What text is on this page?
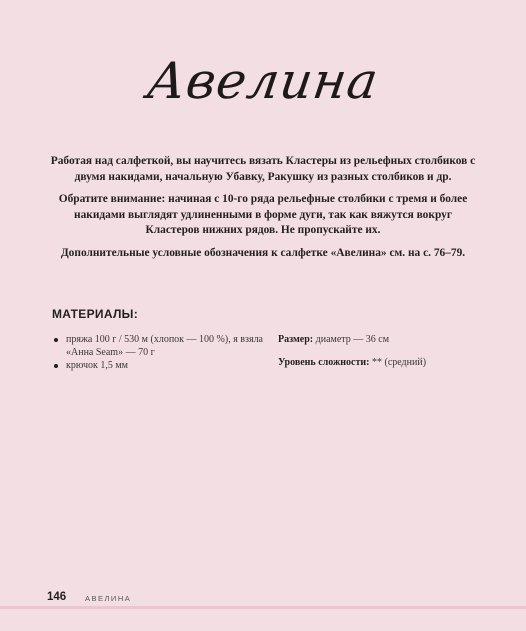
Авелина

Работая над салфеткой, вы научитесь вязать Кластеры из рельефных столбиков с двумя накидами, начальную Убавку, Ракушку из разных столбиков и др.

Обратите внимание: начиная с 10-го ряда рельефные столбики с тремя и более накидами выглядят удлиненными в форме дуги, так как вяжутся вокруг Кластеров нижних рядов. Не пропускайте их.

Дополнительные условные обозначения к салфетке «Авелина» см. на с. 76–79.

МАТЕРИАЛЫ:
пряжа 100 г / 530 м (хлопок — 100 %), я взяла «Анна Seam» — 70 г
крючок 1,5 мм
Размер: диаметр — 36 см
Уровень сложности: ** (средний)
146	АВЕЛИНА
